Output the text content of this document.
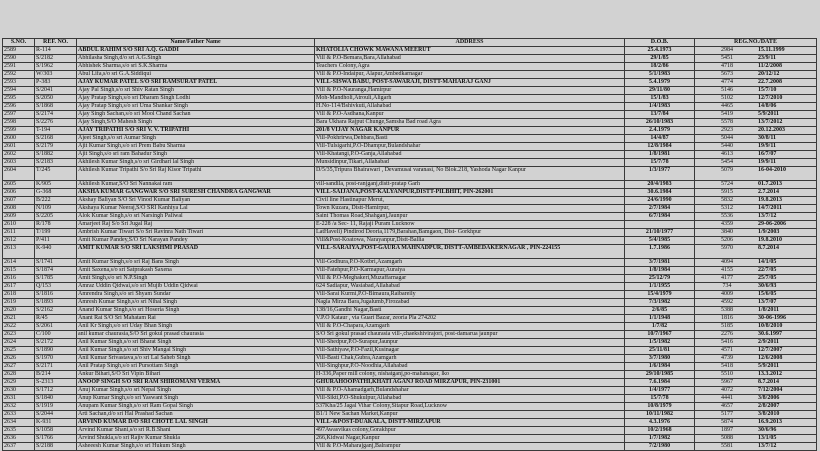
S.NO.	REF. NO.	Name/Father Name	ADDRESS	D.O.B.	REG.NO./DATE
2589	R-114	ABDUL RAHIM S/O SRI A.Q. GADDI	KHATOLIA CHOWK MAWANA MEERUT	25.4.1973	2984 15.11.1999
2590	S/2182	Abhilasha Singh,d/o sri A.G.Singh	Vill & P.O-Bemara,Bara,Allahabad	29/1/85	5451 23/9/11
2591	S/1962	Abhishek Sharma,s/o sri S.K.Sharma	Teachers Colony,Agra	18/2/86	4718 11/2/2008
2592	W/303	Abul Lifa,s/o sri G.A.Siddiqui	Vill & P.O-Indaipur, Alapur,Ambedkarnagar	5/1/1983	5673 20/12/12
2593	P-383	AJAY KUMAR PATEL S/O SRI RAMSURAT PATEL	VILL-SISWA BABU, POST-SAWARAJI, DISTT-MAHARAJ GANJ	5.4.1979	4774 22.7.2008
2594	S/2041	Ajay Pal Singh,s/o sri Shiv Ratan Singh	Vill & P.O-Nauranga,Hamirpur	29/11/80	5146 15/7/10
2595	S/2050	Ajay Pratap Singh,s/o sri Dharam Singh Lodhi	Moh-Mandholi,Atrouli,Aligarh	15/1/83	5102 12/7/2010
2596	S/1868	Ajay Pratap Singh,s/o sri Uma Shankar Singh	H.No-114/Bshivkuti,Allahabad	1/4/1983	4465 14/8/06
2597	S/2174	Ajay Singh Sachan,s/o sri Mool Chand Sachan	Vill & P.O-Asdhana,Kanpur	13/7/84	5419 5/9/2011
2598	S/2276	Ajay Singh,S/O Mahesh Singh	Bara Ukhara Rajput Chunge,Samsha Bad road Agra	26/10/1983	5578 13/7/2012
2599	T-194	AJAY TRIPATHI S/O SRI V. V. TRIPATHI	201/8 VIJAY NAGAR KANPUR	2.4.1979	2923 20.12.2003
2600	S/2168	Ajeet Singh,s/o sri Aumar Singh	Vill-Pokhrirwa,Dehbara,Basti	14/4/87	5044 30/8/11
2601	S/2179	Ajit Kumar Singh,s/o sri Prem Babu Sharma	Vill-Tulsigarhi,P.O-Dhampur,Bulandshahar	12/8/1984	5440 19/9/11
2602	S/1882	Ajit Singh,s/o sri ram Bahadur Singh	Vill-Khatangi,P.O-Ganja,Allahabad	1/8/1981	4613 16/7/07
2603	S/2183	Akhilesh Kumar Singh,s/o sri Girdhari lal Singh	Munsidinpur,Tikari,Allahabad	15/7/78	5454 19/9/11
2604	T/245	Akhilesh Kumar Tripathi S/o Sri Raj Kisor Tripathi	D/5/35,Tripura Bhairawari , Devamusai varanasi, No Blok.218, Yashoda Nagar Kanpur	1/3/1977	5079 16-04-2010
2605	K/905	Akhilesh Kumar,S/O Sri Nannakai ram	vill-sandila, post-ranjganj,distt-pratap Garh	20/4/1983	5724 01.7.2013
2606	G-368	AKSHA KUMAR GANGWAR S/O SRI SURESH CHANDRA GANGWAR	VILL-SAIJANA,POST-KALYANPUR,DISTT-PILBHIT, PIN-262001	30.6.1984	5915 2.7.2014
2607	B/222	Akshay Baliyan S/O Sri Vinod Kumar Baliyan	Civil line Hastinapur Merut,	24/6/1990	5832 19.8.2013
2608	N/109	Akshaya Kumar Neeraj,S/O SRI Kanhiya Lal	Town Kuzara, Distt-Hamirpur,	2/7/1984	5312 14/7/2011
2609	S/2205	Alok Kumar Singh,s/o sri Narsingh Paliwal	Saint Thomas Road,Shahganj,Jaunpur	6/7/1984	5536 13/7/12
2610	R/178	Amarjeet Raj S/o Sri Jugal Raj	E-228 /a Sec- 11, Rajaji Puram Lucknow		4359 29-06-2006
2611	T/199	Ambrish Kumar Tiwari S/o Sri Ravinra Nath Tiwari	LatHaveli) Pindirod Deoria,1179,Barahan,Bamgaon, Dist- Gorkhpur	21/10/1977	3840 1/9/2003
2612	P/411	Amit Kumar Pandey,S/O Sri Narayan Pandey	Vill&Post-Koatowa, Narayanpur,Distt-Ballia	5/4/1985	5206 19.8.2010
2613	K-940	AMIT KUMAR S/O SRI LAKSHMI PRASAD	VILL-SARAIYA,POST-GAURA MAHNADPUR, DISTT-AMBEDAKERNAGAR , PIN-224155	1.7.1986	5970 8.7.2014
2614	S/1741	Amit Kumar Singh,s/o sri Raj Bans Singh	Vill-Godhura,P.O-Kotbri,Azamgarh	3/7/1981	4094 14/1/05
2615	S/1874	Amit Saxena,s/o sri Satprakash Saxena	Vill-Fatehpur,P.O-Karmapur,Auraiya	1/8/1984	4155 22/7/05
2616	S/1785	Amit Singh,s/o sri N.P.Singh	Vill & P.O-Meghakeri,Muzaffarnagar	25/12/79	4177 25/7/05
2617	Q/153	Amraz Uddin Qidwai,s/o sri Mujib Uddin Qidwai	624 Sadiapur, Wasiabad,Allahabad	1/1/1955	734 30/6/93
2618	S/1816	Amrendra Singh,s/o sri Shyam Sundar	Vill-Sarai Kurmi,P.O-Bimaura,Raibareily	15/4/1979	4009 15/6/05
2619	S/1893	Amresh Kumar Singh,s/o sri Nihal Singh	Nagla Mirza Bara,Jugalumb,Firozabad	7/3/1982	4592 13/7/07
2620	S/2162	Anand Kumar Singh,s/o sri Hoseria Singh	138/16,Gandhi Nagar,Basti	2/6/85	5388 1/8/2011
2621	R/45	Anant Rai S/O Sri Mahatam Rai	V.P.O Kataur , via Guari Bazar, zeoria Pla 274202	1/1/1948	1816 30-06-1996
2622	S/2061	Anil Kr Singh,s/o sri Uday Bhan Singh	Vill & P.O-Chapara,Azamgarh	1/7/82	5185 10/8/2010
2623	C/100	anil kumar chaurasia,S/O Sri gokul prasad chaurasia	S/O Sri gokul prasad chaurasia vill-,chaekshivirajori, post-damarua jaunpur	10/7/1967	2276 30.6.1997
2624	S/2172	Anil Kumar Singh,s/o sri Bharat Singh	Vill-Shedpur,P.O-Surapur,Jaunpur	1/5/1982	5416 2/9/2011
2625	S/1890	Anil Kumar Singh,s/o sri Shiv Mangal Singh	Vill-Sathiyaw,P.O-Fazil,Kusinagar	25/11/81	4571 12/7/2007
2626	S/1970	Anil Kumar Srivastava,s/o sri Lal Saheb Singh	Vill-Basti Chak,Gubra,Azamgarh	3/7/1980	4739 12/6/2008
2627	S/2171	Anil Pratap Singh,s/o sri Pursottam Singh	Vill-Singhpur,P.O-Noodhia,Allahabad	1/6/1984	5418 5/9/2011
2628	B/214	Ankur Bihari,S/O Sri Vipin Bihari	H-336,Paper mill colony, nishatganj,po-mahanagar, lko	29/10/1985	5510 13.3.2012
2629	S-2313	ANOOP SINGH S/O SRI RAM SHIROMANI VERMA	GHURAHOOPATHI,KHATI AGANJ ROAD MIRZAPUR, PIN-231001	7.6.1984	5967 8.7.2014
2630	S/1712	Anuj Kumar Singh,s/o sri Nepal Singh	Vill & P.O-Ahamadgarh,Bulandshahar	1/4/1977	4072 7/12/2004
2631	S/1840	Anup Kumar Singh,s/o sri Yaswant Singh	Vill-Sikti,P.O-Shukulpur,Allahabad	15/7/78	4441 3/8/2006
2632	S/1919	Anupam Kumar Singh,s/o sri Ram Gopal Singh	537Kha/25 Jagal Vihar Colony,Sitapur Road,Lucknow	10/8/1979	4657 2/8/2007
2633	S/2044	Arti Sachan,d/o sri Hal Prashad Sachan	B1/1 New Sachan Market,Kanpur	10/11/1982	5177 3/8/2010
2634	K-931	ARVIND KUMAR D/O SRI CHOTE LAL SINGH	VILL-&POST-DUAKALA, DISTT-MIRZAPUR	4.3.1976	5874 16.9.2013
2635	S/1058	Arvind Kumar Shani,s/o sri R.B.Shani	497Awasvikas colony,Gorakhpur	10/2/1968	1897 30/6/96
2636	S/1766	Arvind Shukla,s/o sri Rajiv Kumar Shukla	266,Kidwai Nagar,Kanpur	1/7/1982	5088 13/1/05
2637	S/2188	Asheeesh Kumar Singh,s/o sri Hukum Singh	Vill & P.O-Maharajganj,Balrampur	7/2/1980	5581 13/7/12
